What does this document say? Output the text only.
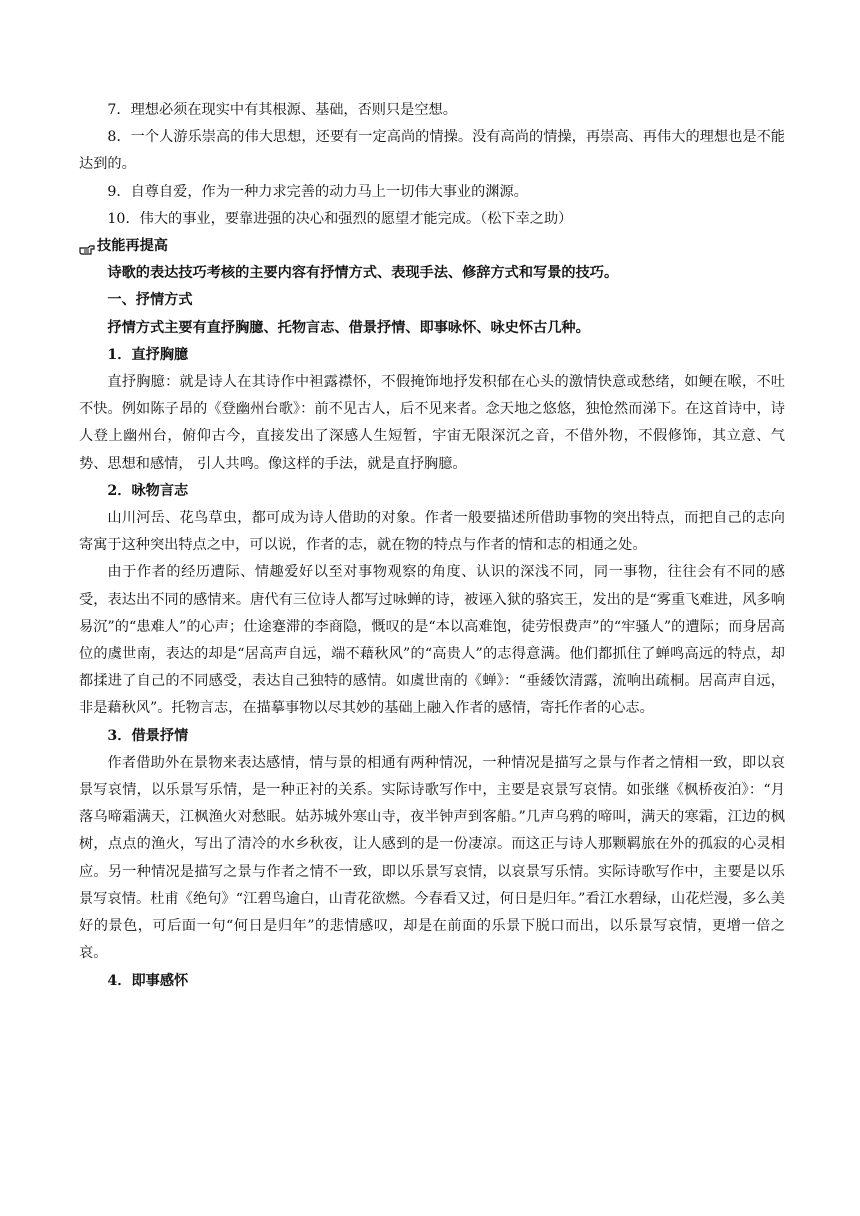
7．理想必须在现实中有其根源、基础，否则只是空想。

8．一个人游乐崇高的伟大思想，还要有一定高尚的情操。没有高尚的情操，再崇高、再伟大的理想也是不能达到的。

9．自尊自爱，作为一种力求完善的动力马上一切伟大事业的渊源。

10．伟大的事业，要靠进强的决心和强烈的愿望才能完成。（松下幸之助）

技能再提高

诗歌的表达技巧考核的主要内容有抒情方式、表现手法、修辞方式和写景的技巧。

一、抒情方式

抒情方式主要有直抒胸臆、托物言志、借景抒情、即事咏怀、咏史怀古几种。

1．直抒胸臆

直抒胸臆：就是诗人在其诗作中袒露襟怀，不假掩饰地抒发积郁在心头的激情快意或愁绪，如鲠在喉，不吐不快。例如陈子昂的《登幽州台歌》：前不见古人，后不见来者。念天地之悠悠，独怆然而涕下。在这首诗中，诗人登上幽州台，俯仰古今，直接发出了深感人生短暂，宇宙无限深沉之音，不借外物，不假修饰，其立意、气势、思想和感情， 引人共鸣。像这样的手法，就是直抒胸臆。

2．咏物言志

山川河岳、花鸟草虫，都可成为诗人借助的对象。作者一般要描述所借助事物的突出特点，而把自己的志向寄寓于这种突出特点之中，可以说，作者的志，就在物的特点与作者的情和志的相通之处。

由于作者的经历遭际、情趣爱好以至对事物观察的角度、认识的深浅不同，同一事物，往往会有不同的感受，表达出不同的感情来。唐代有三位诗人都写过咏蝉的诗，被诬入狱的骆宾王，发出的是“雾重飞难进，风多响易沉”的“患难人”的心声；仕途蹇滞的李商隐，慨叹的是“本以高难饱，徒劳恨费声”的“牢骚人”的遭际；而身居高位的虞世南，表达的却是“居高声自远，端不藉秋风”的“高贵人”的志得意满。他们都抓住了蝉鸣高远的特点，却都揉进了自己的不同感受，表达自己独特的感情。如虞世南的《蝉》：“垂緌饮清露，流响出疏桐。居高声自远，非是藉秋风”。托物言志，在描摹事物以尽其妙的基础上融入作者的感情，寄托作者的心志。

3．借景抒情

作者借助外在景物来表达感情，情与景的相通有两种情况，一种情况是描写之景与作者之情相一致，即以哀景写哀情，以乐景写乐情，是一种正衬的关系。实际诗歌写作中，主要是哀景写哀情。如张继《枫桥夜泊》：“月落乌啼霜满天，江枫渔火对愁眠。姑苏城外寒山寺，夜半钟声到客船。”几声乌鸦的啼叫，满天的寒霜，江边的枫树，点点的渔火，写出了清冷的水乡秋夜，让人感到的是一份凄凉。而这正与诗人那颗羁旅在外的孤寂的心灵相应。另一种情况是描写之景与作者之情不一致，即以乐景写哀情，以哀景写乐情。实际诗歌写作中，主要是以乐景写哀情。杜甫《绝句》“江碧鸟逾白，山青花欲燃。今春看又过，何日是归年。”看江水碧绿，山花烂漫，多么美好的景色，可后面一句“何日是归年”的悲情感叹，却是在前面的乐景下脱口而出，以乐景写哀情，更增一倍之哀。

4．即事感怀
